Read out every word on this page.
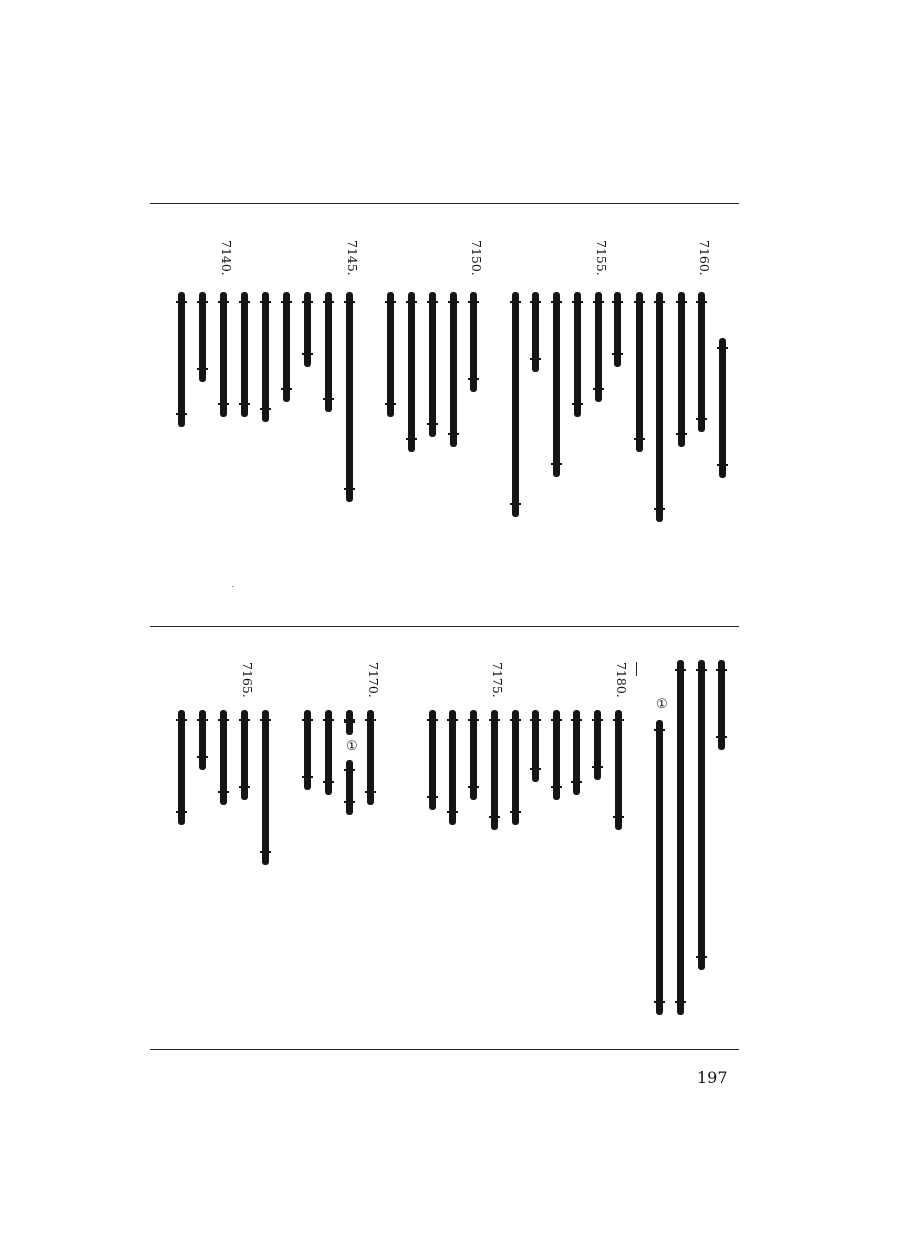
197
7160.
7155.
7150.
7145.
7140.
①
7180.
7175.
7170.
①
7165.
